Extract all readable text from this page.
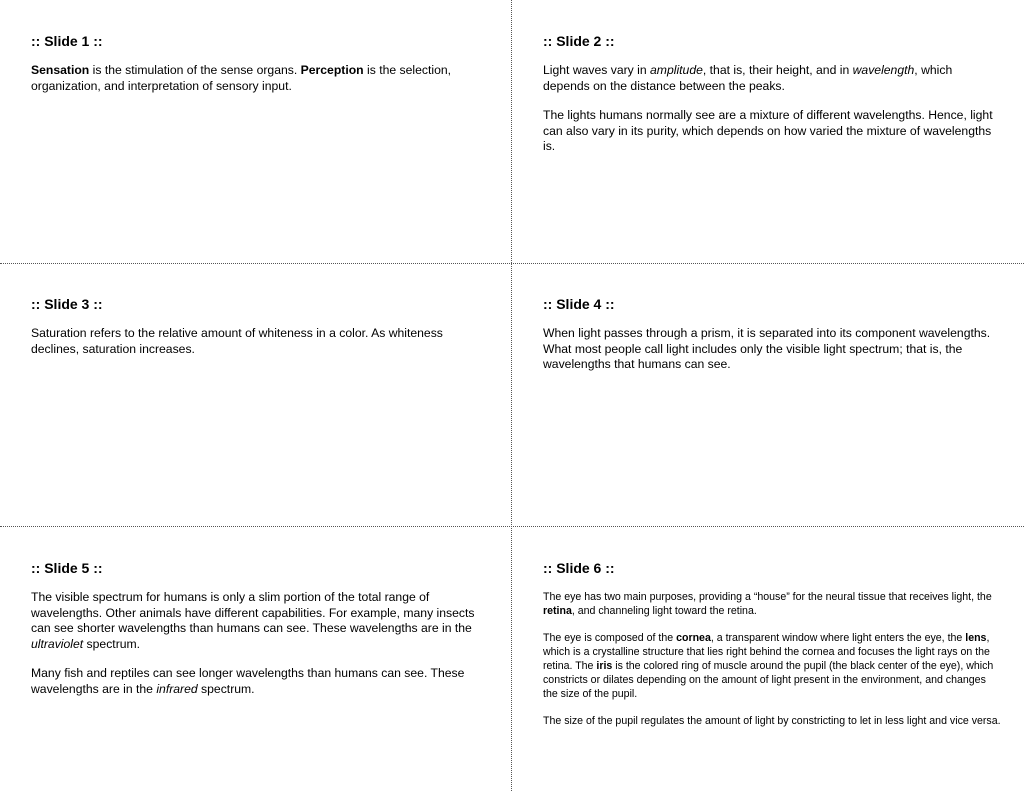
:: Slide 1 ::

Sensation is the stimulation of the sense organs. Perception is the selection, organization, and interpretation of sensory input.

:: Slide 2 ::

Light waves vary in amplitude, that is, their height, and in wavelength, which depends on the distance between the peaks.

The lights humans normally see are a mixture of different wavelengths. Hence, light can also vary in its purity, which depends on how varied the mixture of wavelengths is.

:: Slide 3 ::

Saturation refers to the relative amount of whiteness in a color. As whiteness declines, saturation increases.

:: Slide 4 ::

When light passes through a prism, it is separated into its component wavelengths. What most people call light includes only the visible light spectrum; that is, the wavelengths that humans can see.

:: Slide 5 ::

The visible spectrum for humans is only a slim portion of the total range of wavelengths. Other animals have different capabilities. For example, many insects can see shorter wavelengths than humans can see. These wavelengths are in the ultraviolet spectrum.

Many fish and reptiles can see longer wavelengths than humans can see. These wavelengths are in the infrared spectrum.

:: Slide 6 ::

The eye has two main purposes, providing a “house” for the neural tissue that receives light, the retina, and channeling light toward the retina.

The eye is composed of the cornea, a transparent window where light enters the eye, the lens, which is a crystalline structure that lies right behind the cornea and focuses the light rays on the retina. The iris is the colored ring of muscle around the pupil (the black center of the eye), which constricts or dilates depending on the amount of light present in the environment, and changes the size of the pupil.

The size of the pupil regulates the amount of light by constricting to let in less light and vice versa.
